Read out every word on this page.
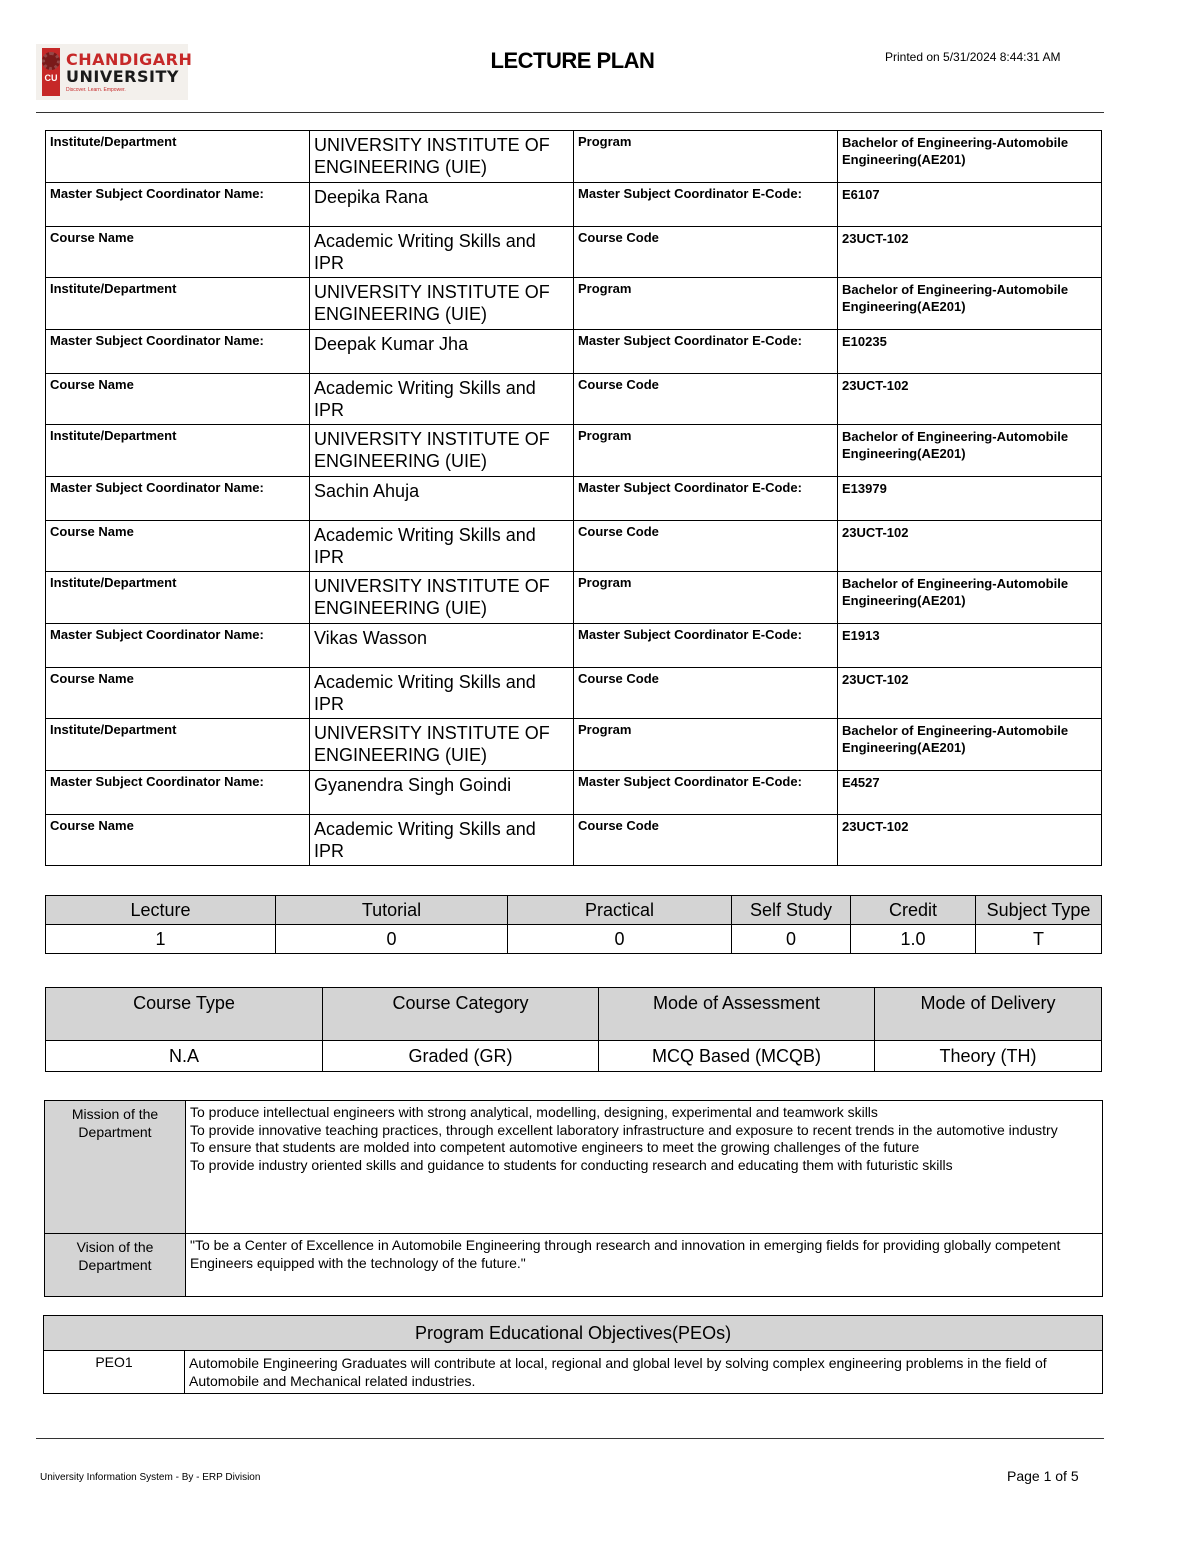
CU
CHANDIGARH
UNIVERSITY
Discover. Learn. Empower.
LECTURE PLAN	Printed on 5/31/2024 8:44:31 AM
Institute/Department	UNIVERSITY INSTITUTE OF ENGINEERING (UIE)	Program	Bachelor of Engineering-Automobile Engineering(AE201)
Master Subject Coordinator Name:	Deepika Rana	Master Subject Coordinator E-Code:	E6107
Course Name	Academic Writing Skills and IPR	Course Code	23UCT-102
Institute/Department	UNIVERSITY INSTITUTE OF ENGINEERING (UIE)	Program	Bachelor of Engineering-Automobile Engineering(AE201)
Master Subject Coordinator Name:	Deepak Kumar Jha	Master Subject Coordinator E-Code:	E10235
Course Name	Academic Writing Skills and IPR	Course Code	23UCT-102
Institute/Department	UNIVERSITY INSTITUTE OF ENGINEERING (UIE)	Program	Bachelor of Engineering-Automobile Engineering(AE201)
Master Subject Coordinator Name:	Sachin Ahuja	Master Subject Coordinator E-Code:	E13979
Course Name	Academic Writing Skills and IPR	Course Code	23UCT-102
Institute/Department	UNIVERSITY INSTITUTE OF ENGINEERING (UIE)	Program	Bachelor of Engineering-Automobile Engineering(AE201)
Master Subject Coordinator Name:	Vikas Wasson	Master Subject Coordinator E-Code:	E1913
Course Name	Academic Writing Skills and IPR	Course Code	23UCT-102
Institute/Department	UNIVERSITY INSTITUTE OF ENGINEERING (UIE)	Program	Bachelor of Engineering-Automobile Engineering(AE201)
Master Subject Coordinator Name:	Gyanendra Singh Goindi	Master Subject Coordinator E-Code:	E4527
Course Name	Academic Writing Skills and IPR	Course Code	23UCT-102
Lecture	Tutorial	Practical	Self Study	Credit	Subject Type
1	0	0	0	1.0	T
Course Type	Course Category	Mode of Assessment	Mode of Delivery
N.A	Graded (GR)	MCQ Based (MCQB)	Theory (TH)
Mission of the Department	To produce intellectual engineers with strong analytical, modelling, designing, experimental and teamwork skills
To provide innovative teaching practices, through excellent laboratory infrastructure and exposure to recent trends in the automotive industry
To ensure that students are molded into competent automotive engineers to meet the growing challenges of the future
To provide industry oriented skills and guidance to students for conducting research and educating them with futuristic skills

Vision of the Department	"To be a Center of Excellence in Automobile Engineering through research and innovation in emerging fields for providing globally competent Engineers equipped with the technology of the future."
Program Educational Objectives(PEOs)
PEO1	Automobile Engineering Graduates will contribute at local, regional and global level by solving complex engineering problems in the field of Automobile and Mechanical related industries.
University Information System - By - ERP Division	Page 1 of 5
